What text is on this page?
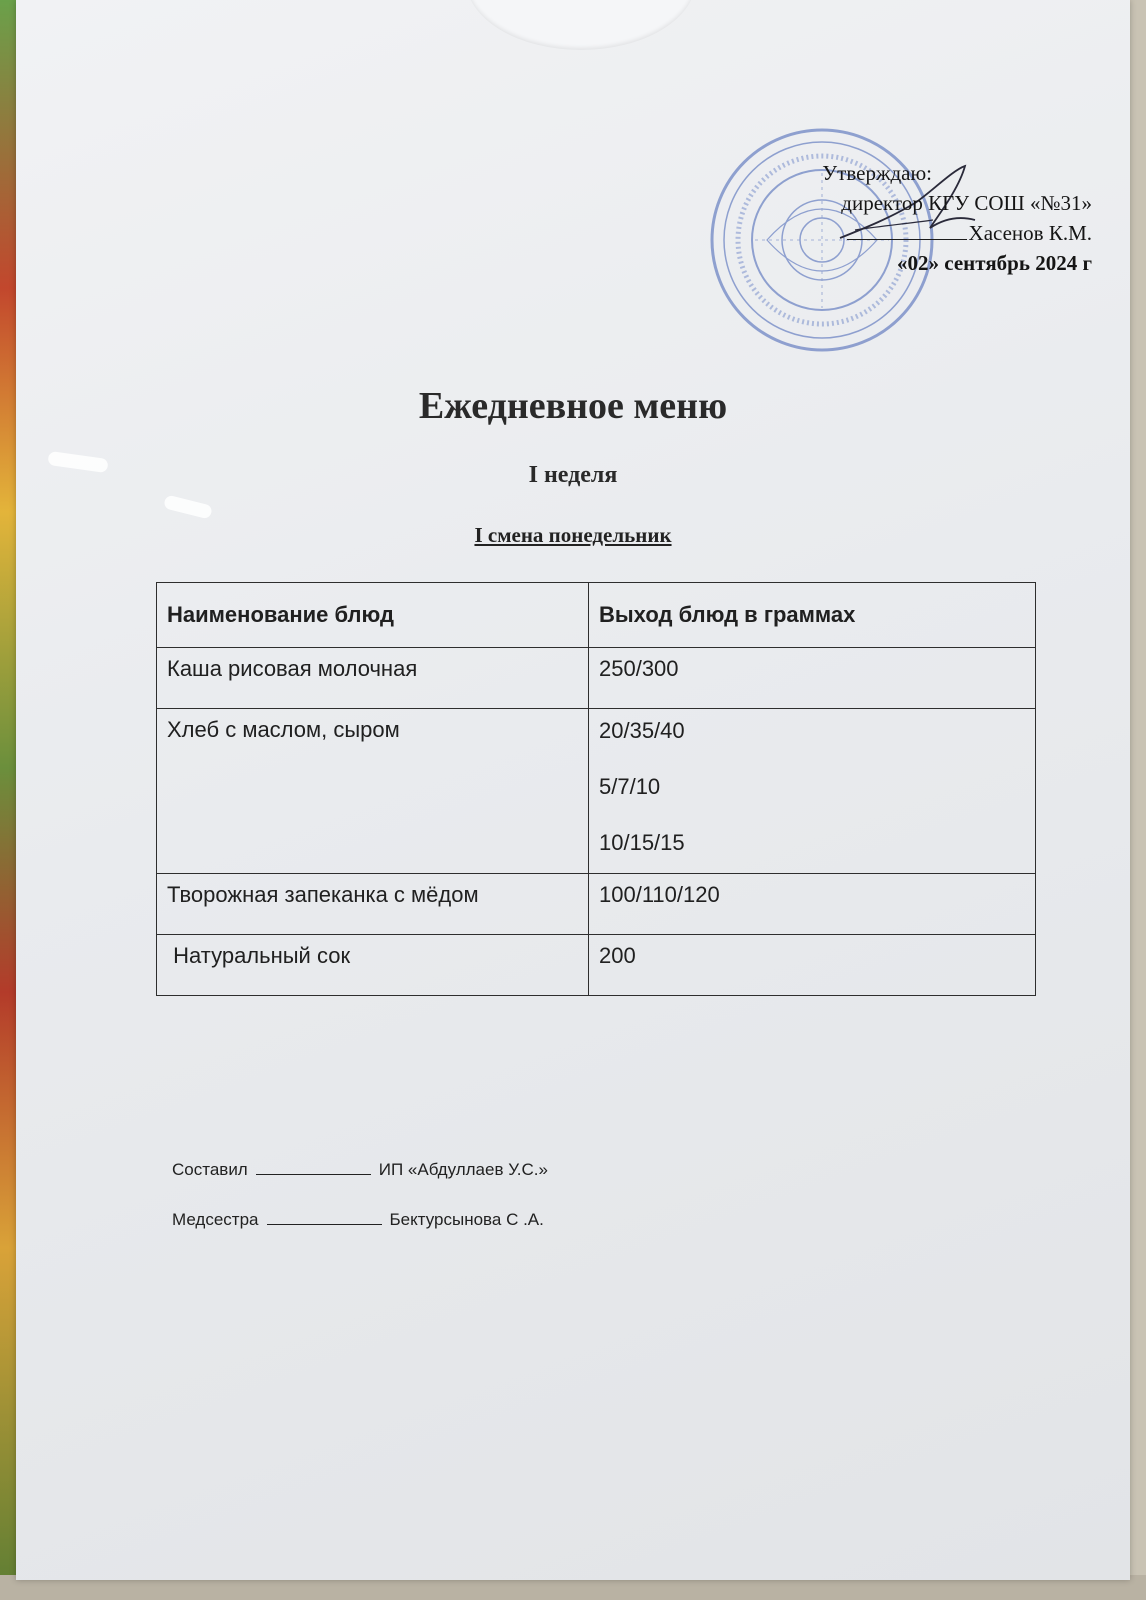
Утверждаю:
директор КГУ СОШ «№31»
Хасенов К.М.
«02» сентябрь 2024 г
Ежедневное меню
I неделя
I смена понедельник
Наименование блюд	Выход блюд в граммах
Каша рисовая молочная	250/300
Хлеб с маслом, сыром	20/35/40
5/7/10
10/15/15

Творожная запеканка с мёдом	100/110/120
Натуральный сок	200
Составил	ИП «Абдуллаев У.С.»
Медсестра	Бектурсынова С .А.
